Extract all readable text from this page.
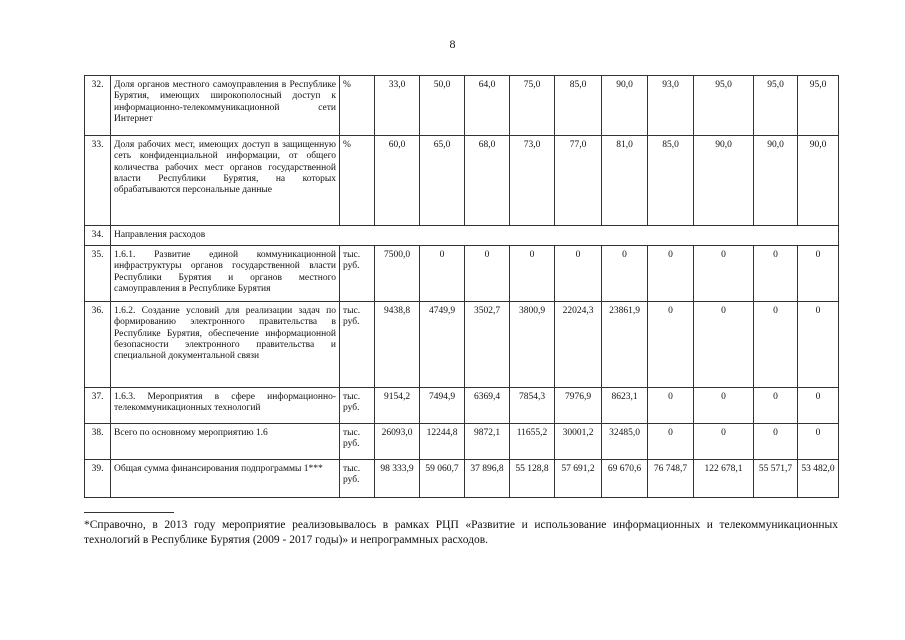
8
32.	Доля органов местного самоуправления в Республике Бурятия, имеющих широкополосный доступ к информационно-телекоммуникационной сети Интернет	%	33,0	50,0	64,0	75,0	85,0	90,0	93,0	95,0	95,0	95,0
33.	Доля рабочих мест, имеющих доступ в защищенную сеть конфиденциальной информации, от общего количества рабочих мест органов государственной власти Республики Бурятия, на которых обрабатываются персональные данные	%	60,0	65,0	68,0	73,0	77,0	81,0	85,0	90,0	90,0	90,0
34.	Направления расходов											
35.	1.6.1. Развитие единой коммуникационной инфраструктуры органов государственной власти Республики Бурятия и органов местного самоуправления в Республике Бурятия	тыс. руб.	7500,0	0	0	0	0	0	0	0	0	0
36.	1.6.2. Создание условий для реализации задач по формированию электронного правительства в Республике Бурятия, обеспечение информационной безопасности электронного правительства и специальной документальной связи	тыс. руб.	9438,8	4749,9	3502,7	3800,9	22024,3	23861,9	0	0	0	0
37.	1.6.3. Мероприятия в сфере информационно-телекоммуникационных технологий	тыс. руб.	9154,2	7494,9	6369,4	7854,3	7976,9	8623,1	0	0	0	0
38.	Всего по основному мероприятию 1.6	тыс. руб.	26093,0	12244,8	9872,1	11655,2	30001,2	32485,0	0	0	0	0
39.	Общая сумма финансирования подпрограммы 1***	тыс. руб.	98 333,9	59 060,7	37 896,8	55 128,8	57 691,2	69 670,6	76 748,7	122 678,1	55 571,7	53 482,0
*Справочно, в 2013 году мероприятие реализовывалось в рамках РЦП «Развитие и использование информационных и телекоммуникационных технологий в Республике Бурятия (2009 - 2017 годы)» и непрограммных расходов.
